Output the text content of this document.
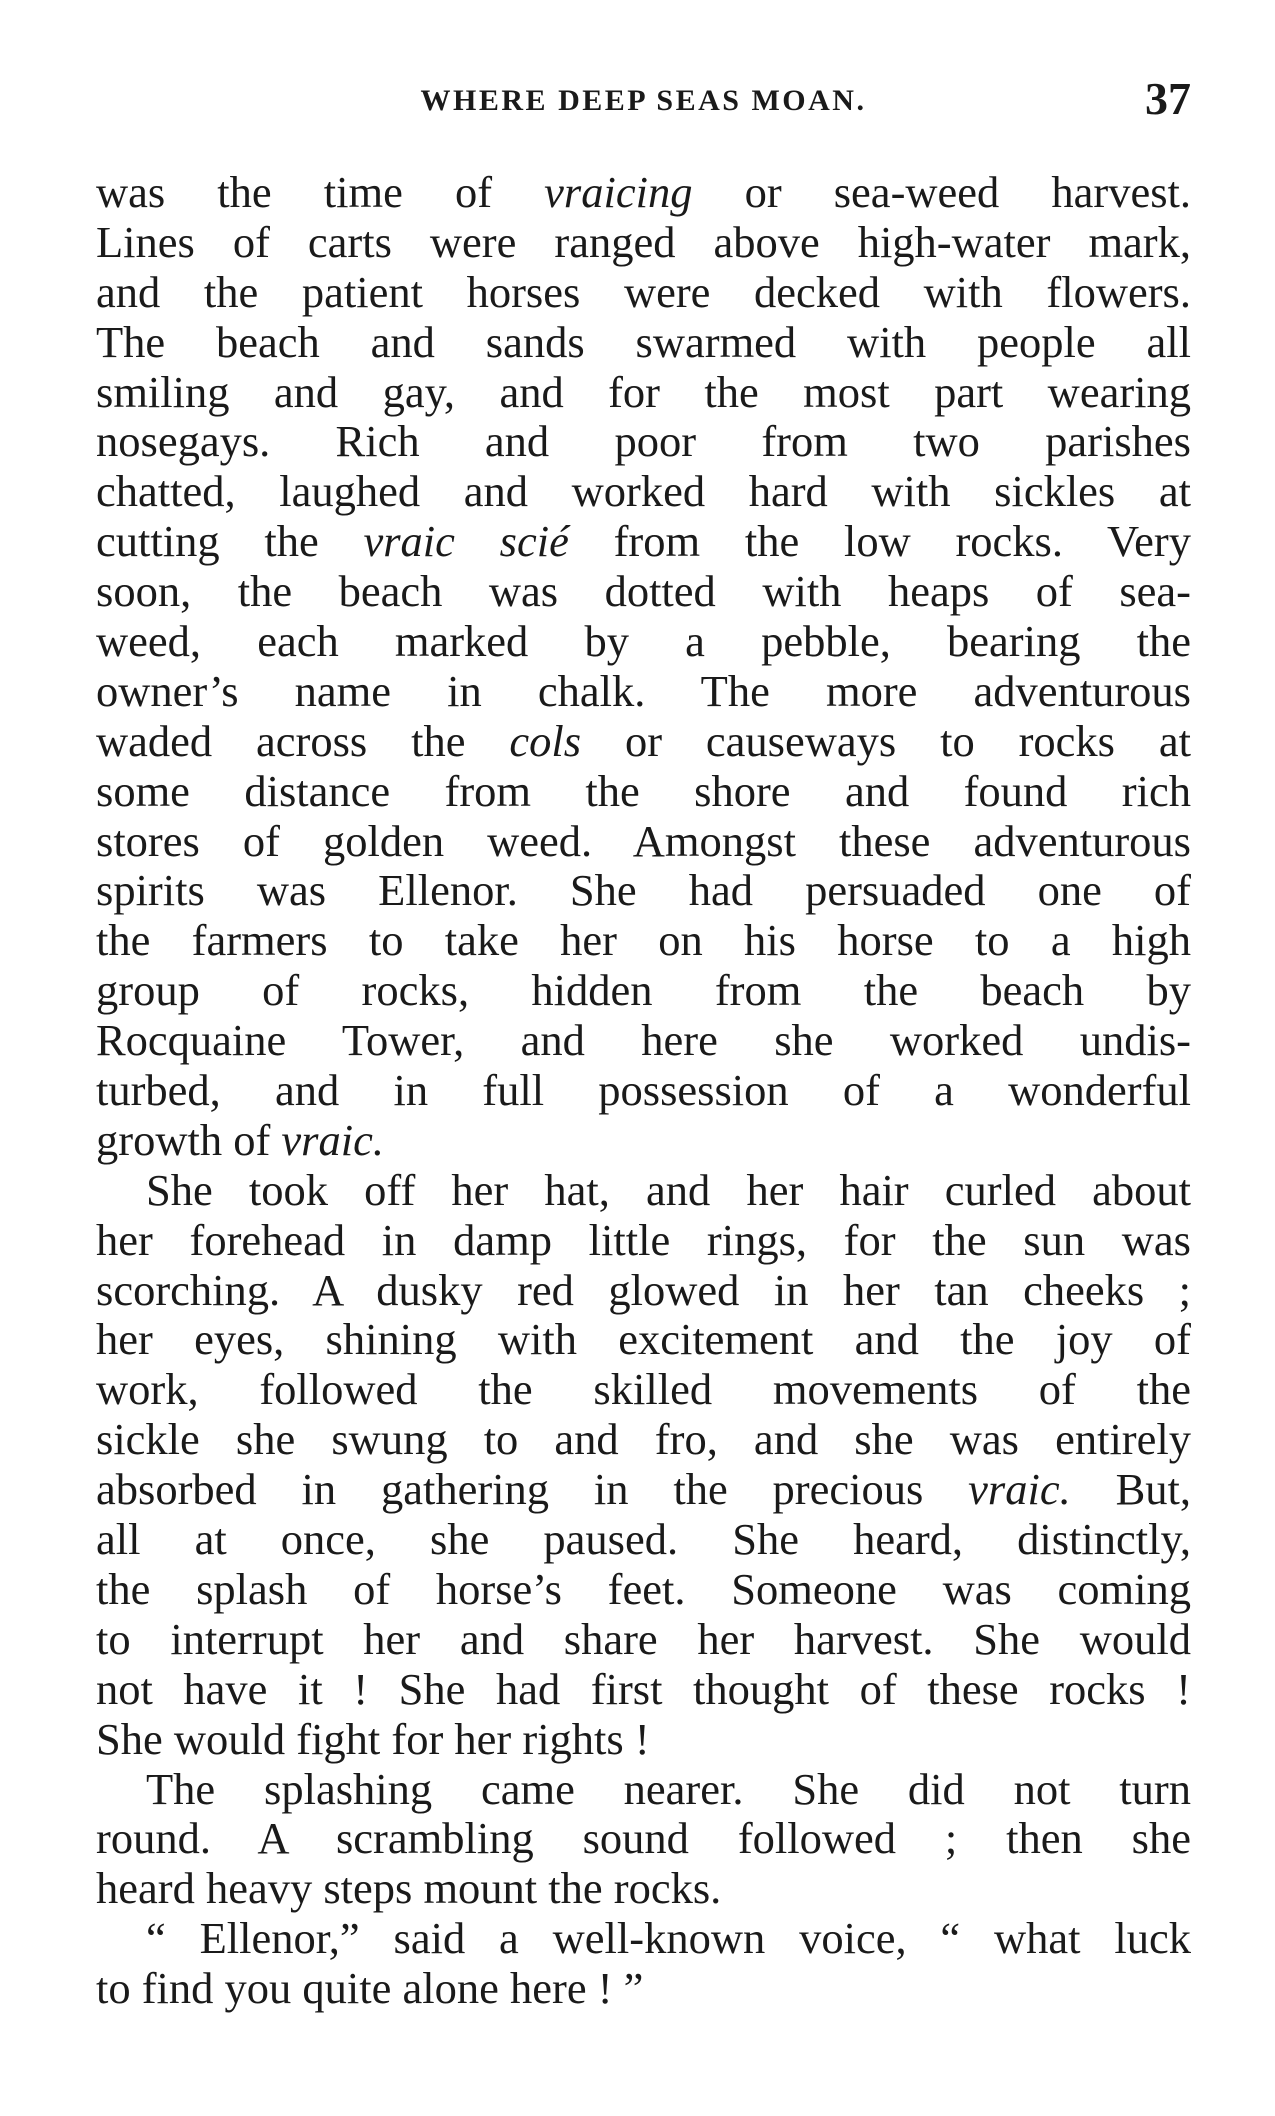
WHERE DEEP SEAS MOAN.	37
was the time of vraicing or sea-weed harvest.
Lines of carts were ranged above high-water mark,
and the patient horses were decked with flowers.
The beach and sands swarmed with people all
smiling and gay, and for the most part wearing
nosegays. Rich and poor from two parishes
chatted, laughed and worked hard with sickles at
cutting the vraic scié from the low rocks. Very
soon, the beach was dotted with heaps of sea-
weed, each marked by a pebble, bearing the
owner’s name in chalk. The more adventurous
waded across the cols or causeways to rocks at
some distance from the shore and found rich
stores of golden weed. Amongst these adventurous
spirits was Ellenor. She had persuaded one of
the farmers to take her on his horse to a high
group of rocks, hidden from the beach by
Rocquaine Tower, and here she worked undis-
turbed, and in full possession of a wonderful
growth of vraic.
She took off her hat, and her hair curled about
her forehead in damp little rings, for the sun was
scorching. A dusky red glowed in her tan cheeks ;
her eyes, shining with excitement and the joy of
work, followed the skilled movements of the
sickle she swung to and fro, and she was entirely
absorbed in gathering in the precious vraic. But,
all at once, she paused. She heard, distinctly,
the splash of horse’s feet. Someone was coming
to interrupt her and share her harvest. She would
not have it ! She had first thought of these rocks !
She would fight for her rights !
The splashing came nearer. She did not turn
round. A scrambling sound followed ; then she
heard heavy steps mount the rocks.
“ Ellenor,” said a well-known voice, “ what luck
to find you quite alone here ! ”
